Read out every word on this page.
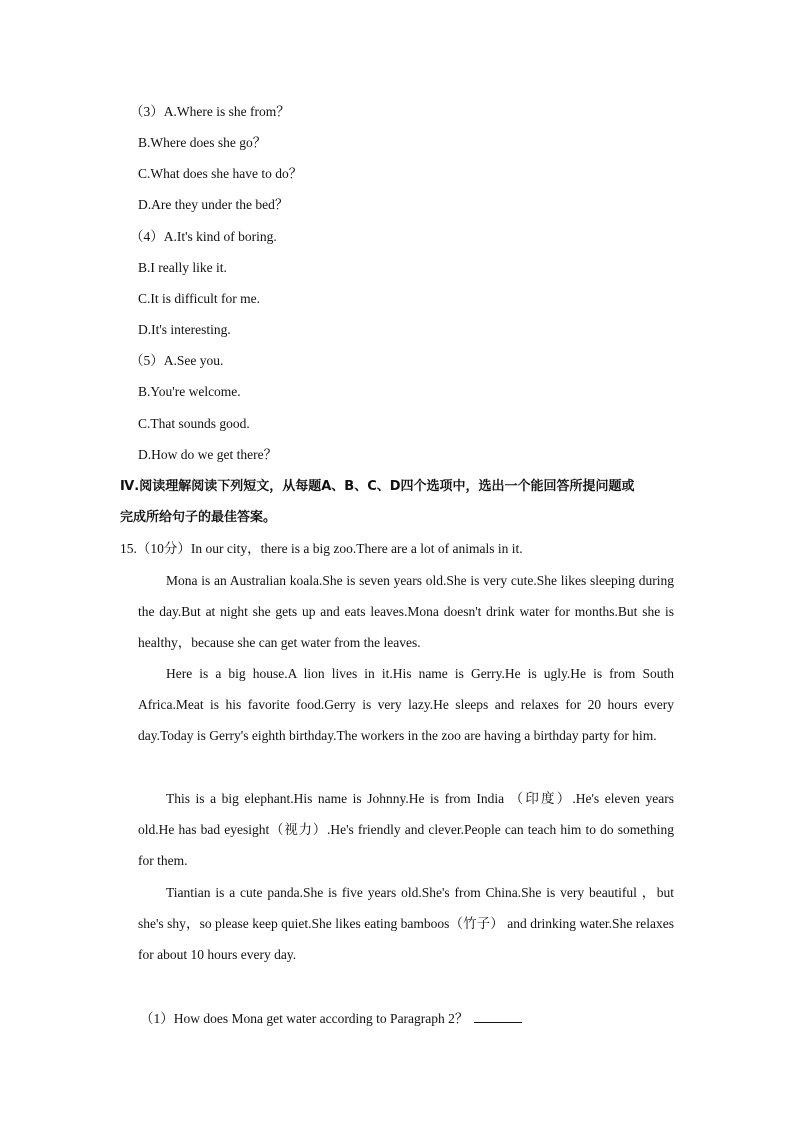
（3）A.Where is she from？
B.Where does she go？
C.What does she have to do？
D.Are they under the bed？
（4）A.It's kind of boring.
B.I really like it.
C.It is difficult for me.
D.It's interesting.
（5）A.See you.
B.You're welcome.
C.That sounds good.
D.How do we get there？
Ⅳ.阅读理解阅读下列短文，从每题A、B、C、D四个选项中，选出一个能回答所提问题或
完成所给句子的最佳答案。
15.（10分）In our city，there is a big zoo.There are a lot of animals in it.
Mona is an Australian koala.She is seven years old.She is very cute.She likes sleeping during the day.But at night she gets up and eats leaves.Mona doesn't drink water for months.But she is healthy，because she can get water from the leaves.
Here is a big house.A lion lives in it.His name is Gerry.He is ugly.He is from South Africa.Meat is his favorite food.Gerry is very lazy.He sleeps and relaxes for 20 hours every day.Today is Gerry's eighth birthday.The workers in the zoo are having a birthday party for him.
This is a big elephant.His name is Johnny.He is from India （印度）.He's eleven years old.He has bad eyesight（视力）.He's friendly and clever.People can teach him to do something for them.
Tiantian is a cute panda.She is five years old.She's from China.She is very beautiful ，but she's shy，so please keep quiet.She likes eating bamboos（竹子） and drinking water.She relaxes for about 10 hours every day.
（1）How does Mona get water according to Paragraph 2？
